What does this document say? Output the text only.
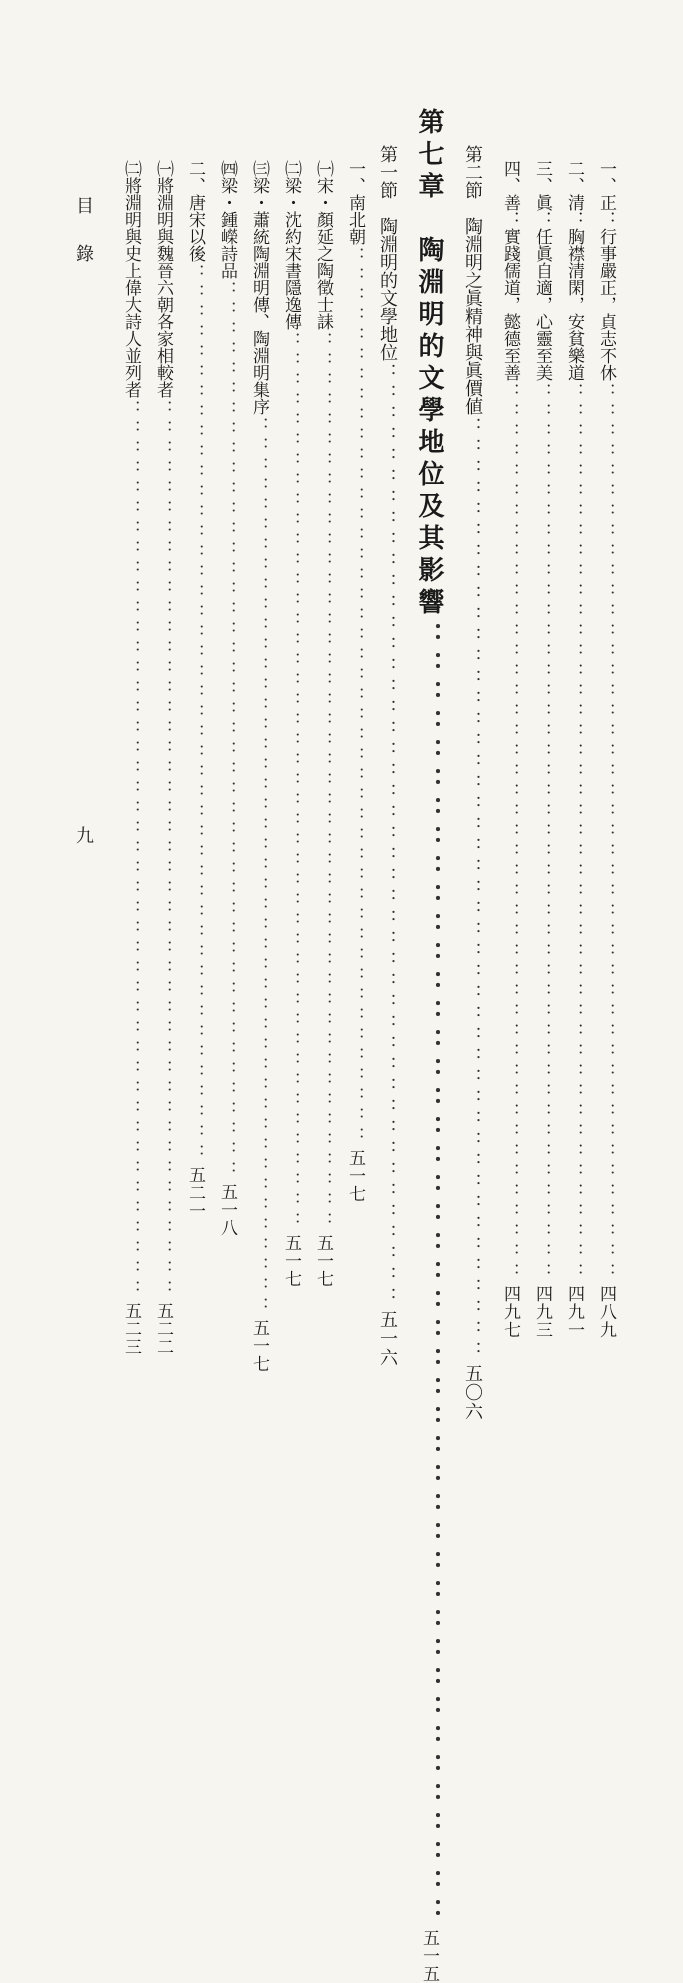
一、正：行事嚴正，貞志不休
：：：：：：：：：：：：：：：：：：：：：：：：：：：：：：：：：：：：：：：：：：：：：
四八九
二、清：胸襟清閑，安貧樂道
：：：：：：：：：：：：：：：：：：：：：：：：：：：：：：：：：：：：：：：：：：：：：
四九一
三、眞：任眞自適，心靈至美
：：：：：：：：：：：：：：：：：：：：：：：：：：：：：：：：：：：：：：：：：：：：：
四九三
四、善：實踐儒道，懿德至善
：：：：：：：：：：：：：：：：：：：：：：：：：：：：：：：：：：：：：：：：：：：：：
四九七
第二節　陶淵明之眞精神與眞價値
：：：：：：：：：：：：：：：：：：：：：：：：：：：：：：：：：：：：：：：：：：：：：
五〇六
第七章　陶淵明的文學地位及其影響
：：：：：：：：：：：：：：：：：：：：：：：：：：：：：：：：：：：：：：：：：：：：：
五一五
第一節　陶淵明的文學地位
：：：：：：：：：：：：：：：：：：：：：：：：：：：：：：：：：：：：：：：：：：：：：
五一六
一、南北朝
：：：：：：：：：：：：：：：：：：：：：：：：：：：：：：：：：：：：：：：：：：：：：
五一七
㈠宋・顏延之陶徵士誄
：：：：：：：：：：：：：：：：：：：：：：：：：：：：：：：：：：：：：：：：：：：：：
五一七
㈡梁・沈約宋書隱逸傳
：：：：：：：：：：：：：：：：：：：：：：：：：：：：：：：：：：：：：：：：：：：：：
五一七
㈢梁・蕭統陶淵明傳、陶淵明集序
：：：：：：：：：：：：：：：：：：：：：：：：：：：：：：：：：：：：：：：：：：：：：
五一七
㈣梁・鍾嶸詩品
：：：：：：：：：：：：：：：：：：：：：：：：：：：：：：：：：：：：：：：：：：：：：
五一八
二、唐宋以後
：：：：：：：：：：：：：：：：：：：：：：：：：：：：：：：：：：：：：：：：：：：：：
五二一
㈠將淵明與魏晉六朝各家相較者
：：：：：：：：：：：：：：：：：：：：：：：：：：：：：：：：：：：：：：：：：：：：：
五二二
㈡將淵明與史上偉大詩人並列者
：：：：：：：：：：：：：：：：：：：：：：：：：：：：：：：：：：：：：：：：：：：：：
五二三
目錄
九
